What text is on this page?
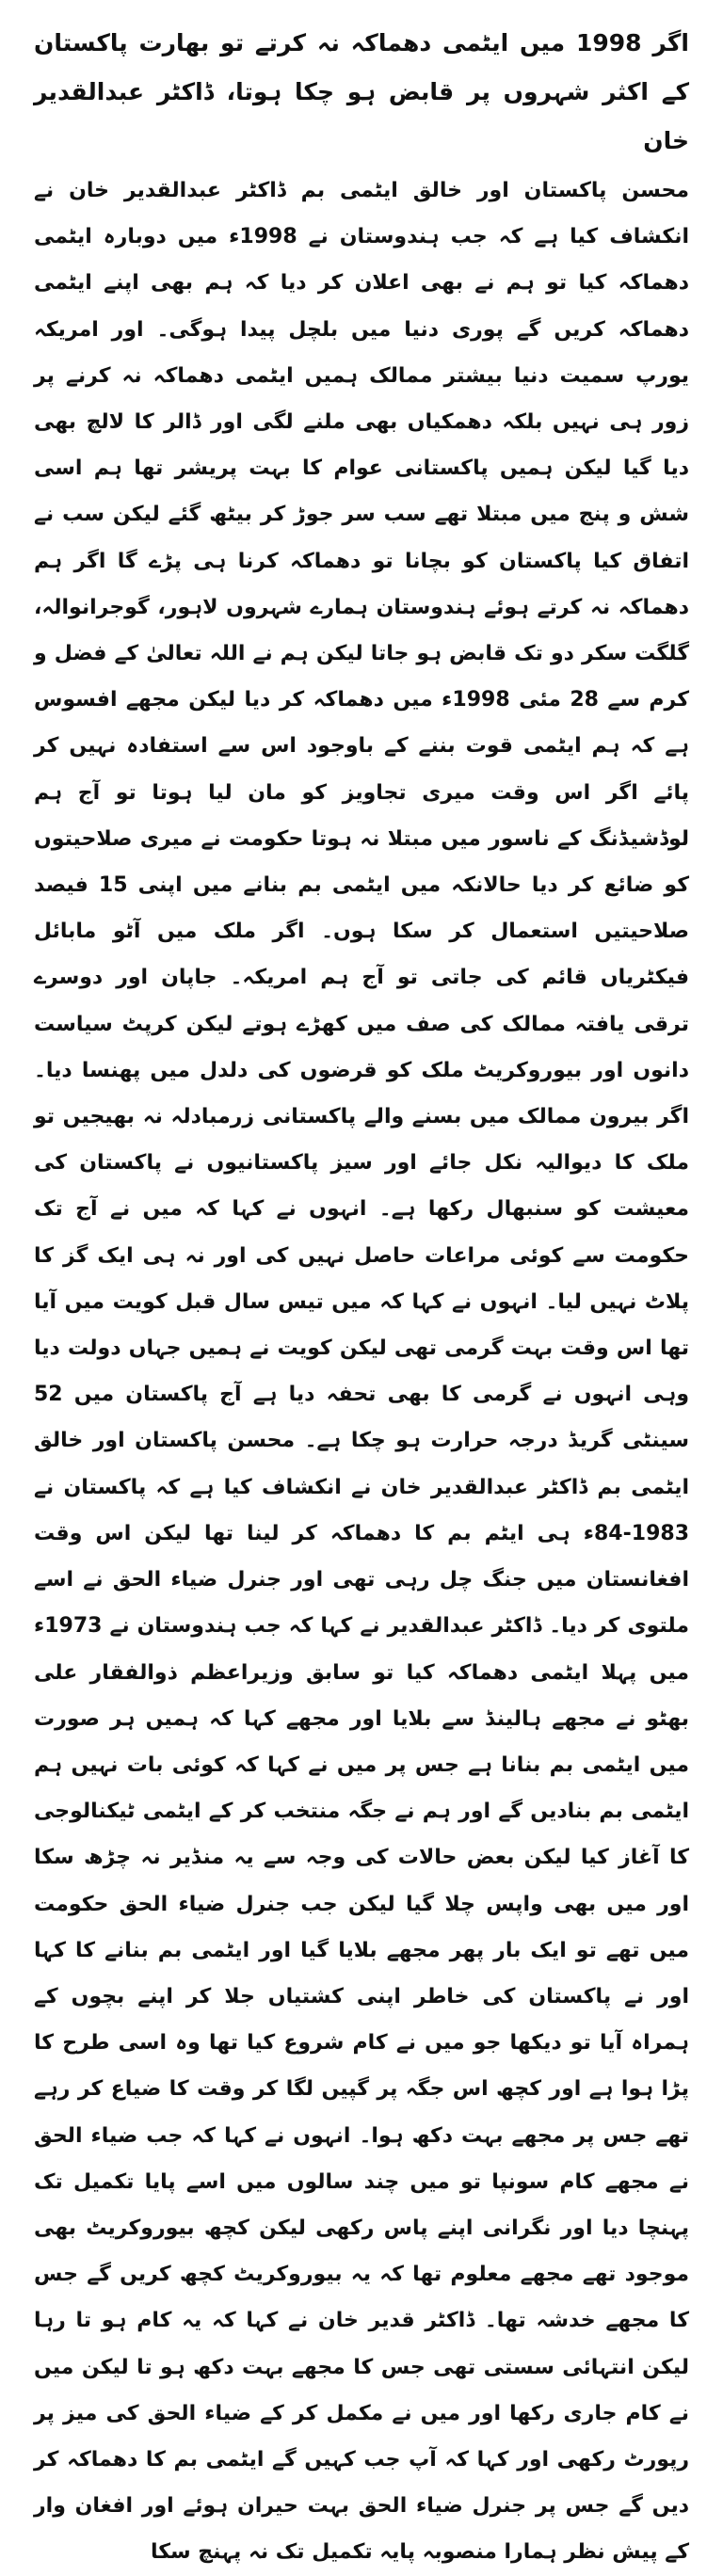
اگر 1998 میں ایٹمی دھماکہ نہ کرتے تو بھارت پاکستان کے اکثر شہروں پر قابض ہو چکا ہوتا، ڈاکٹر عبدالقدیر خان

محسن پاکستان اور خالق ایٹمی بم ڈاکٹر عبدالقدیر خان نے انکشاف کیا ہے کہ جب ہندوستان نے 1998ء میں دوبارہ ایٹمی دھماکہ کیا تو ہم نے بھی اعلان کر دیا کہ ہم بھی اپنے ایٹمی دھماکہ کریں گے پوری دنیا میں بلچل پیدا ہوگی۔ اور امریکہ یورپ سمیت دنیا بیشتر ممالک ہمیں ایٹمی دھماکہ نہ کرنے پر زور ہی نہیں بلکہ دھمکیاں بھی ملنے لگی اور ڈالر کا لالچ بھی دیا گیا لیکن ہمیں پاکستانی عوام کا بہت پریشر تھا ہم اسی شش و پنج میں مبتلا تھے سب سر جوڑ کر بیٹھ گئے لیکن سب نے اتفاق کیا پاکستان کو بچانا تو دھماکہ کرنا ہی پڑے گا اگر ہم دھماکہ نہ کرتے ہوئے ہندوستان ہمارے شہروں لاہور، گوجرانوالہ، گلگت سکر دو تک قابض ہو جاتا لیکن ہم نے اللہ تعالیٰ کے فضل و کرم سے 28 مئی 1998ء میں دھماکہ کر دیا لیکن مجھے افسوس ہے کہ ہم ایٹمی قوت بننے کے باوجود اس سے استفادہ نہیں کر پائے اگر اس وقت میری تجاویز کو مان لیا ہوتا تو آج ہم لوڈشیڈنگ کے ناسور میں مبتلا نہ ہوتا حکومت نے میری صلاحیتوں کو ضائع کر دیا حالانکہ میں ایٹمی بم بنانے میں اپنی 15 فیصد صلاحیتیں استعمال کر سکا ہوں۔ اگر ملک میں آٹو مابائل فیکٹریاں قائم کی جاتی تو آج ہم امریکہ۔ جاپان اور دوسرے ترقی یافتہ ممالک کی صف میں کھڑے ہوتے لیکن کرپٹ سیاست دانوں اور بیوروکریٹ ملک کو قرضوں کی دلدل میں پھنسا دیا۔ اگر بیرون ممالک میں بسنے والے پاکستانی زرمبادلہ نہ بھیجیں تو ملک کا دیوالیہ نکل جائے اور سیز پاکستانیوں نے پاکستان کی معیشت کو سنبھال رکھا ہے۔ انہوں نے کہا کہ میں نے آج تک حکومت سے کوئی مراعات حاصل نہیں کی اور نہ ہی ایک گز کا پلاٹ نہیں لیا۔ انہوں نے کہا کہ میں تیس سال قبل کویت میں آیا تھا اس وقت بہت گرمی تھی لیکن کویت نے ہمیں جہاں دولت دیا وہی انہوں نے گرمی کا بھی تحفہ دیا ہے آج پاکستان میں 52 سینٹی گریڈ درجہ حرارت ہو چکا ہے۔ محسن پاکستان اور خالق ایٹمی بم ڈاکٹر عبدالقدیر خان نے انکشاف کیا ہے کہ پاکستان نے 1983-84ء ہی ایٹم بم کا دھماکہ کر لینا تھا لیکن اس وقت افغانستان میں جنگ چل رہی تھی اور جنرل ضیاء الحق نے اسے ملتوی کر دیا۔ ڈاکٹر عبدالقدیر نے کہا کہ جب ہندوستان نے 1973ء میں پہلا ایٹمی دھماکہ کیا تو سابق وزیراعظم ذوالفقار علی بھٹو نے مجھے ہالینڈ سے بلایا اور مجھے کہا کہ ہمیں ہر صورت میں ایٹمی بم بنانا ہے جس پر میں نے کہا کہ کوئی بات نہیں ہم ایٹمی بم بنادیں گے اور ہم نے جگہ منتخب کر کے ایٹمی ٹیکنالوجی کا آغاز کیا لیکن بعض حالات کی وجہ سے یہ منڈیر نہ چڑھ سکا اور میں بھی واپس چلا گیا لیکن جب جنرل ضیاء الحق حکومت میں تھے تو ایک بار پھر مجھے بلایا گیا اور ایٹمی بم بنانے کا کہا اور نے پاکستان کی خاطر اپنی کشتیاں جلا کر اپنے بچوں کے ہمراہ آیا تو دیکھا جو میں نے کام شروع کیا تھا وہ اسی طرح کا پڑا ہوا ہے اور کچھ اس جگہ پر گپیں لگا کر وقت کا ضیاع کر رہے تھے جس پر مجھے بہت دکھ ہوا۔ انہوں نے کہا کہ جب ضیاء الحق نے مجھے کام سونپا تو میں چند سالوں میں اسے پایا تکمیل تک پہنچا دیا اور نگرانی اپنے پاس رکھی لیکن کچھ بیوروکریٹ بھی موجود تھے مجھے معلوم تھا کہ یہ بیوروکریٹ کچھ کریں گے جس کا مجھے خدشہ تھا۔ ڈاکٹر قدیر خان نے کہا کہ یہ کام ہو تا رہا لیکن انتہائی سستی تھی جس کا مجھے بہت دکھ ہو تا لیکن میں نے کام جاری رکھا اور میں نے مکمل کر کے ضیاء الحق کی میز پر رپورٹ رکھی اور کہا کہ آپ جب کہیں گے ایٹمی بم کا دھماکہ کر دیں گے جس پر جنرل ضیاء الحق بہت حیران ہوئے اور افغان وار کے پیش نظر ہمارا منصوبہ پایہ تکمیل تک نہ پہنچ سکا
